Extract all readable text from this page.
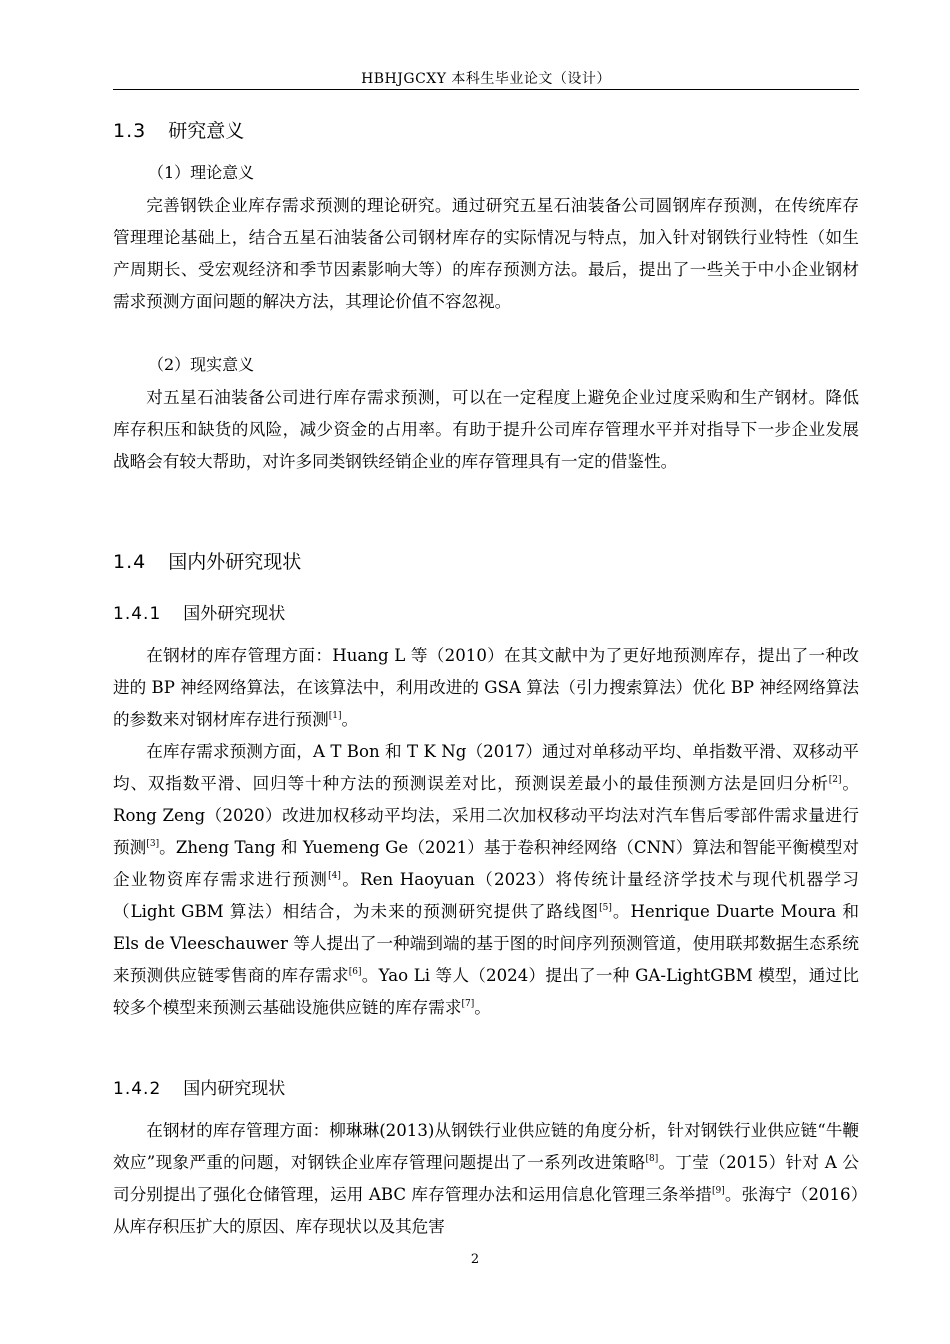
HBHJGCXY 本科生毕业论文（设计）
1.3 研究意义
（1）理论意义

完善钢铁企业库存需求预测的理论研究。通过研究五星石油装备公司圆钢库存预测，在传统库存管理理论基础上，结合五星石油装备公司钢材库存的实际情况与特点，加入针对钢铁行业特性（如生产周期长、受宏观经济和季节因素影响大等）的库存预测方法。最后，提出了一些关于中小企业钢材需求预测方面问题的解决方法，其理论价值不容忽视。

（2）现实意义

对五星石油装备公司进行库存需求预测，可以在一定程度上避免企业过度采购和生产钢材。降低库存积压和缺货的风险，减少资金的占用率。有助于提升公司库存管理水平并对指导下一步企业发展战略会有较大帮助，对许多同类钢铁经销企业的库存管理具有一定的借鉴性。

1.4 国内外研究现状
1.4.1 国外研究现状

在钢材的库存管理方面：Huang L 等（2010）在其文献中为了更好地预测库存，提出了一种改进的 BP 神经网络算法，在该算法中，利用改进的 GSA 算法（引力搜索算法）优化 BP 神经网络算法的参数来对钢材库存进行预测[1]。

在库存需求预测方面，A T Bon 和 T K Ng（2017）通过对单移动平均、单指数平滑、双移动平均、双指数平滑、回归等十种方法的预测误差对比，预测误差最小的最佳预测方法是回归分析[2]。Rong Zeng（2020）改进加权移动平均法，采用二次加权移动平均法对汽车售后零部件需求量进行预测[3]。Zheng Tang 和 Yuemeng Ge（2021）基于卷积神经网络（CNN）算法和智能平衡模型对企业物资库存需求进行预测[4]。Ren Haoyuan（2023）将传统计量经济学技术与现代机器学习（Light GBM 算法）相结合，为未来的预测研究提供了路线图[5]。Henrique Duarte Moura 和 Els de Vleeschauwer 等人提出了一种端到端的基于图的时间序列预测管道，使用联邦数据生态系统来预测供应链零售商的库存需求[6]。Yao Li 等人（2024）提出了一种 GA-LightGBM 模型，通过比较多个模型来预测云基础设施供应链的库存需求[7]。

1.4.2 国内研究现状

在钢材的库存管理方面：柳琳琳(2013)从钢铁行业供应链的角度分析，针对钢铁行业供应链“牛鞭效应”现象严重的问题，对钢铁企业库存管理问题提出了一系列改进策略[8]。丁莹（2015）针对 A 公司分别提出了强化仓储管理，运用 ABC 库存管理办法和运用信息化管理三条举措[9]。张海宁（2016）从库存积压扩大的原因、库存现状以及其危害

2
